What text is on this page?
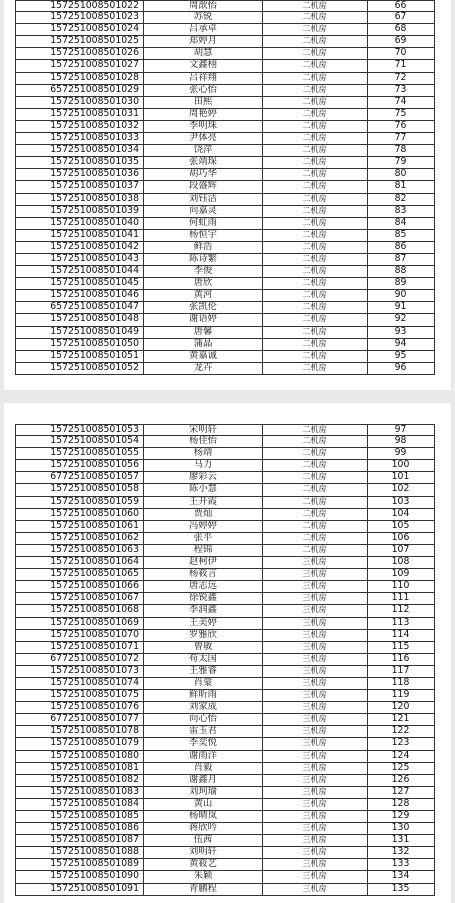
157251008501022	周歆怡	二机房	66
157251008501023	苏锐	二机房	67
157251008501024	吕承卓	二机房	68
157251008501025	郑婷月	二机房	69
157251008501026	胡慧	二机房	70
157251008501027	文鑫栩	二机房	71
157251008501028	吕祥翔	二机房	72
657251008501029	张心怡	二机房	73
157251008501030	田熙	二机房	74
157251008501031	周艳婷	二机房	75
157251008501032	李明珠	二机房	76
157251008501033	尹体亮	二机房	77
157251008501034	饶萍	二机房	78
157251008501035	张靖琛	二机房	79
157251008501036	胡巧华	二机房	80
157251008501037	段盛辉	二机房	81
157251008501038	刘钰洁	二机房	82
157251008501039	向嘉灵	二机房	83
157251008501040	何虹雨	二机房	84
157251008501041	杨恒宇	二机房	85
157251008501042	鲜浩	二机房	86
157251008501043	陈诗繁	二机房	87
157251008501044	李俊	二机房	88
157251008501045	唐欣	二机房	89
157251008501046	黄河	二机房	90
657251008501047	张凯伦	二机房	91
157251008501048	谢语婷	二机房	92
157251008501049	唐馨	二机房	93
157251008501050	蒲晶	二机房	94
157251008501051	黄嘉诚	二机房	95
157251008501052	龙卉	二机房	96
157251008501053	宋明轩	二机房	97
157251008501054	杨佳怡	二机房	98
157251008501055	杨靖	二机房	99
157251008501056	马力	二机房	100
677251008501057	廖彩云	二机房	101
157251008501058	陈小慧	二机房	102
157251008501059	王开霞	二机房	103
157251008501060	贾灿	二机房	104
157251008501061	冯婷婷	二机房	105
157251008501062	张平	二机房	106
157251008501063	程锦	二机房	107
157251008501064	赵柯伊	三机房	108
157251008501065	杨筱言	三机房	109
157251008501066	唐志远	三机房	110
157251008501067	徐锐鑫	三机房	111
157251008501068	李润鑫	三机房	112
157251008501069	王美婷	三机房	113
157251008501070	罗雅欣	三机房	114
157251008501071	曾敏	三机房	115
677251008501072	苟太国	三机房	116
157251008501073	王雅睿	三机房	117
157251008501074	肖蒙	三机房	118
157251008501075	鲜昕雨	三机房	119
157251008501076	刘家成	三机房	120
677251008501077	向心怡	三机房	121
157251008501078	雷玉君	三机房	122
157251008501079	李奕悦	三机房	123
157251008501080	谢雨洋	三机房	124
157251008501081	肖毅	三机房	125
157251008501082	谢鑫月	三机房	126
157251008501083	刘珂瑜	三机房	127
157251008501084	黄山	三机房	128
157251008501085	杨晴岚	三机房	129
157251008501086	蒋欣吟	三机房	130
157251008501087	伍茜	三机房	131
157251008501088	刘明轩	三机房	132
157251008501089	黄筱艺	三机房	133
157251008501090	朱颖	三机房	134
157251008501091	青鹏程	三机房	135
